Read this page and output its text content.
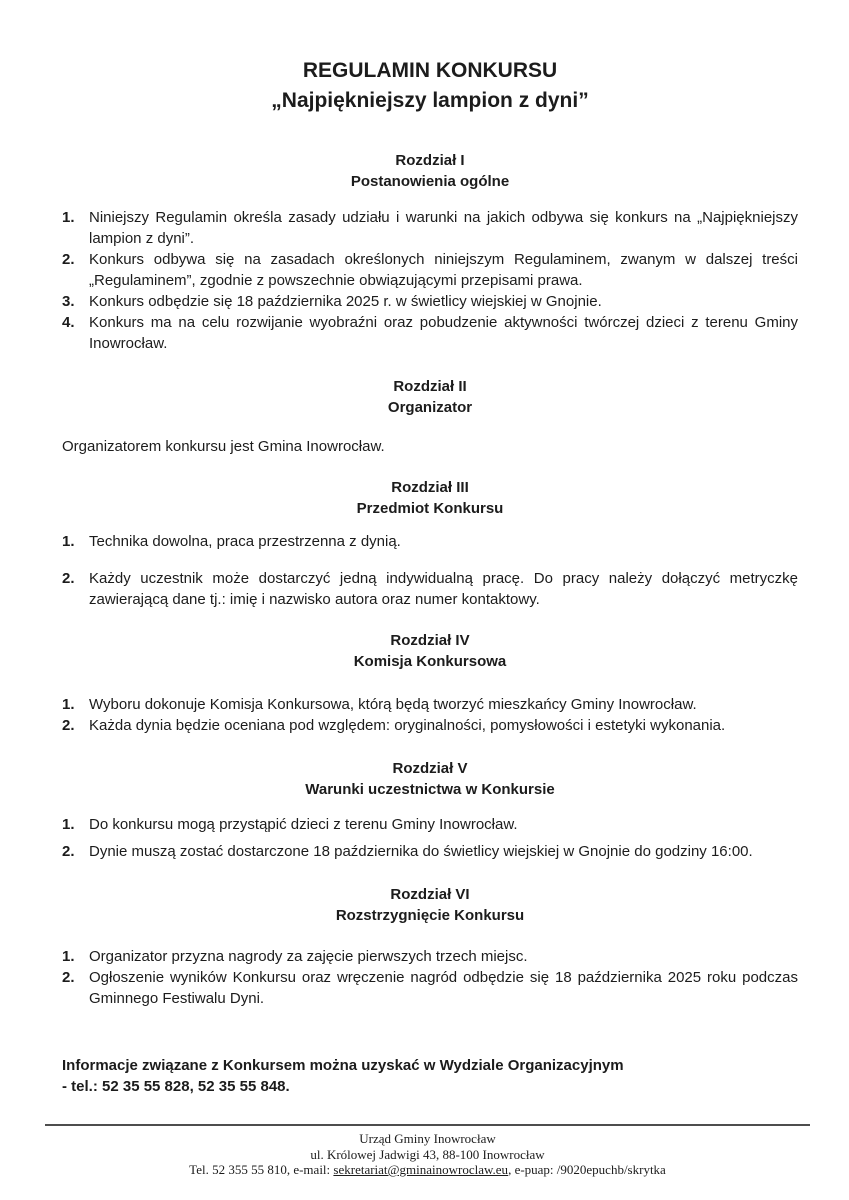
REGULAMIN KONKURSU
„Najpiękniejszy lampion z dyni”
Rozdział I
Postanowienia ogólne
1. Niniejszy Regulamin określa zasady udziału i warunki na jakich odbywa się konkurs na „Najpiękniejszy lampion z dyni”.
2. Konkurs odbywa się na zasadach określonych niniejszym Regulaminem, zwanym w dalszej treści „Regulaminem”, zgodnie z powszechnie obwiązującymi przepisami prawa.
3. Konkurs odbędzie się 18 października 2025 r. w świetlicy wiejskiej w Gnojnie.
4. Konkurs ma na celu rozwijanie wyobraźni oraz pobudzenie aktywności twórczej dzieci z terenu Gminy Inowrocław.
Rozdział II
Organizator

Organizatorem konkursu jest Gmina Inowrocław.

Rozdział III
Przedmiot Konkursu
1. Technika dowolna, praca przestrzenna z dynią.
2. Każdy uczestnik może dostarczyć jedną indywidualną pracę. Do pracy należy dołączyć metryczkę zawierającą dane tj.: imię i nazwisko autora oraz numer kontaktowy.
Rozdział IV
Komisja Konkursowa
1. Wyboru dokonuje Komisja Konkursowa, którą będą tworzyć mieszkańcy Gminy Inowrocław.
2. Każda dynia będzie oceniana pod względem: oryginalności, pomysłowości i estetyki wykonania.
Rozdział V
Warunki uczestnictwa w Konkursie
1. Do konkursu mogą przystąpić dzieci z terenu Gminy Inowrocław.
2. Dynie muszą zostać dostarczone 18 października do świetlicy wiejskiej w Gnojnie do godziny 16:00.
Rozdział VI
Rozstrzygnięcie Konkursu
1. Organizator przyzna nagrody za zajęcie pierwszych trzech miejsc.
2. Ogłoszenie wyników Konkursu oraz wręczenie nagród odbędzie się 18 października 2025 roku podczas Gminnego Festiwalu Dyni.
Informacje związane z Konkursem można uzyskać w Wydziale Organizacyjnym
- tel.: 52 35 55 828, 52 35 55 848.
Urząd Gminy Inowrocław
ul. Królowej Jadwigi 43, 88-100 Inowrocław
Tel. 52 355 55 810, e-mail: sekretariat@gminainowroclaw.eu, e-puap: /9020epuchb/skrytka
